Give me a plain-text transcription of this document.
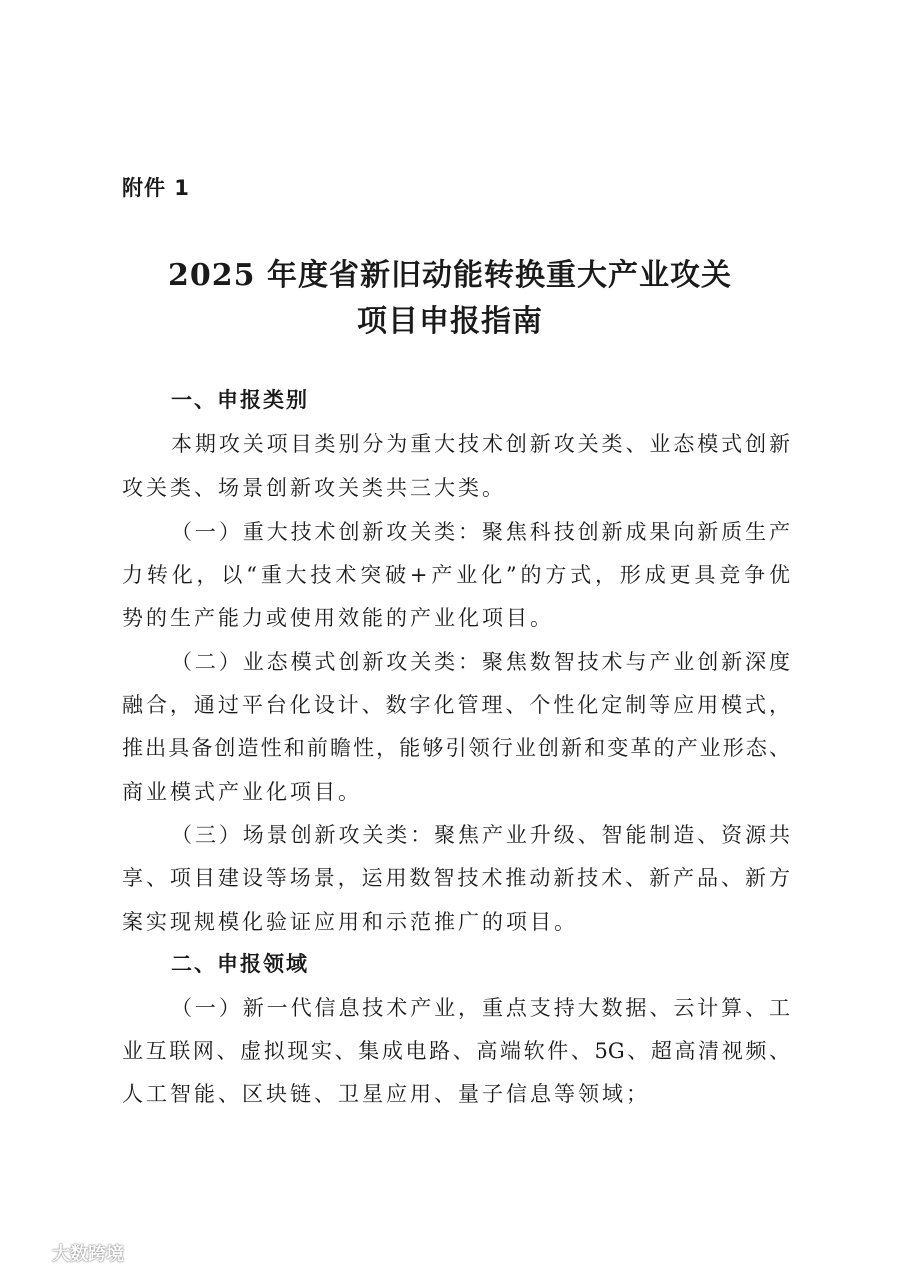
附件 1
2025 年度省新旧动能转换重大产业攻关
项目申报指南
一、申报类别
本期攻关项目类别分为重大技术创新攻关类、业态模式创新
攻关类、场景创新攻关类共三大类。
（一）重大技术创新攻关类：聚焦科技创新成果向新质生产
力转化，以“重大技术突破+产业化”的方式，形成更具竞争优
势的生产能力或使用效能的产业化项目。
（二）业态模式创新攻关类：聚焦数智技术与产业创新深度
融合，通过平台化设计、数字化管理、个性化定制等应用模式，
推出具备创造性和前瞻性，能够引领行业创新和变革的产业形态、
商业模式产业化项目。
（三）场景创新攻关类：聚焦产业升级、智能制造、资源共
享、项目建设等场景，运用数智技术推动新技术、新产品、新方
案实现规模化验证应用和示范推广的项目。
二、申报领域
（一）新一代信息技术产业，重点支持大数据、云计算、工
业互联网、虚拟现实、集成电路、高端软件、5G、超高清视频、
人工智能、区块链、卫星应用、量子信息等领域；
大数跨境
